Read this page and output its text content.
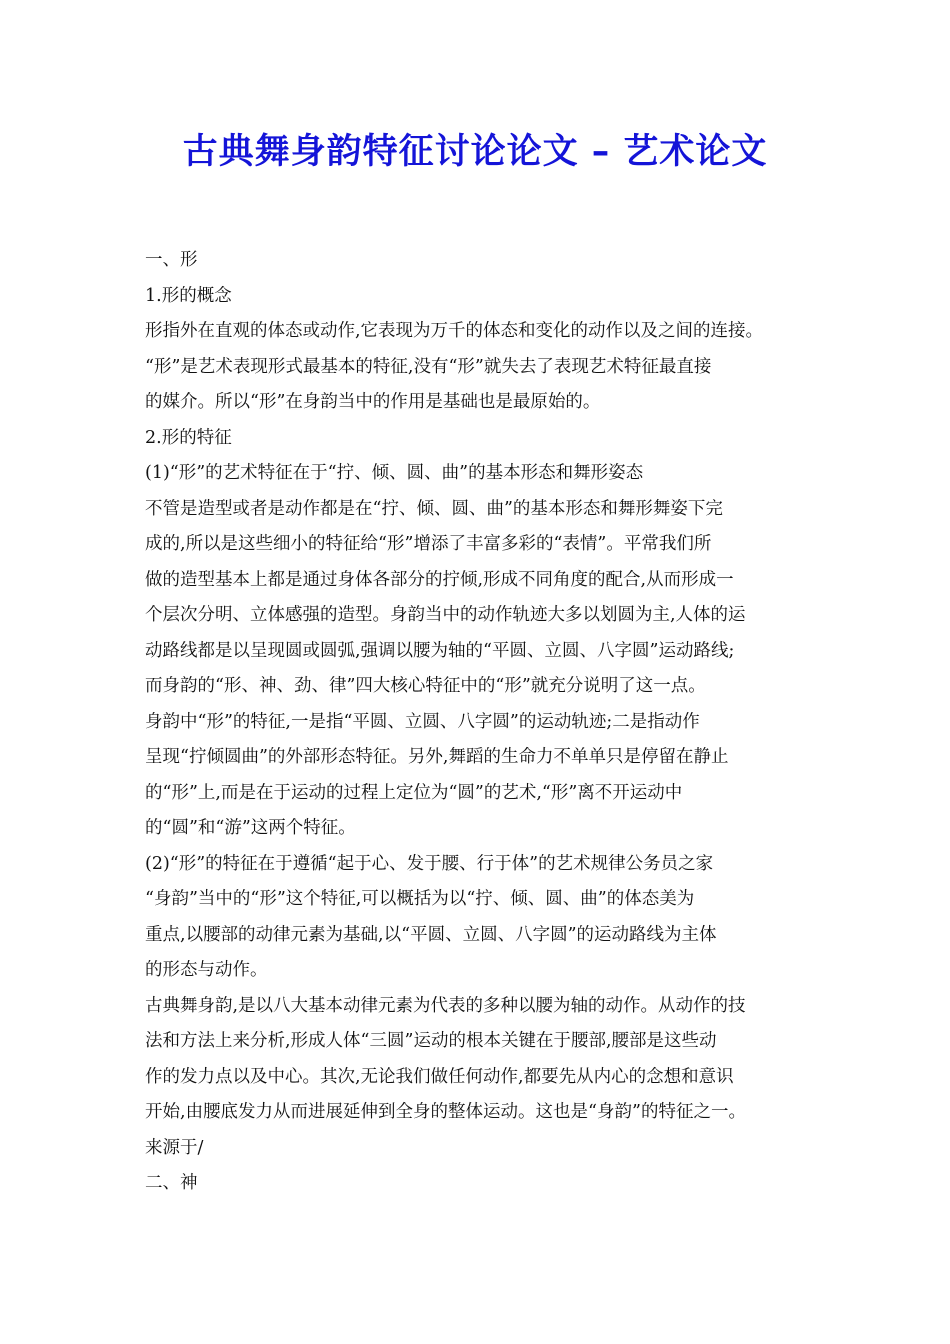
古典舞身韵特征讨论论文 – 艺术论文
一、形
1.形的概念
形指外在直观的体态或动作,它表现为万千的体态和变化的动作以及之间的连接。
“形”是艺术表现形式最基本的特征,没有“形”就失去了表现艺术特征最直接
的媒介。所以“形”在身韵当中的作用是基础也是最原始的。
2.形的特征
(1)“形”的艺术特征在于“拧、倾、圆、曲”的基本形态和舞形姿态
不管是造型或者是动作都是在“拧、倾、圆、曲”的基本形态和舞形舞姿下完
成的,所以是这些细小的特征给“形”增添了丰富多彩的“表情”。平常我们所
做的造型基本上都是通过身体各部分的拧倾,形成不同角度的配合,从而形成一
个层次分明、立体感强的造型。身韵当中的动作轨迹大多以划圆为主,人体的运
动路线都是以呈现圆或圆弧,强调以腰为轴的“平圆、立圆、八字圆”运动路线;
而身韵的“形、神、劲、律”四大核心特征中的“形”就充分说明了这一点。
身韵中“形”的特征,一是指“平圆、立圆、八字圆”的运动轨迹;二是指动作
呈现“拧倾圆曲”的外部形态特征。另外,舞蹈的生命力不单单只是停留在静止
的“形”上,而是在于运动的过程上定位为“圆”的艺术,“形”离不开运动中
的“圆”和“游”这两个特征。
(2)“形”的特征在于遵循“起于心、发于腰、行于体”的艺术规律公务员之家
“身韵”当中的“形”这个特征,可以概括为以“拧、倾、圆、曲”的体态美为
重点,以腰部的动律元素为基础,以“平圆、立圆、八字圆”的运动路线为主体
的形态与动作。
古典舞身韵,是以八大基本动律元素为代表的多种以腰为轴的动作。从动作的技
法和方法上来分析,形成人体“三圆”运动的根本关键在于腰部,腰部是这些动
作的发力点以及中心。其次,无论我们做任何动作,都要先从内心的念想和意识
开始,由腰底发力从而进展延伸到全身的整体运动。这也是“身韵”的特征之一。
来源于/
二、神
